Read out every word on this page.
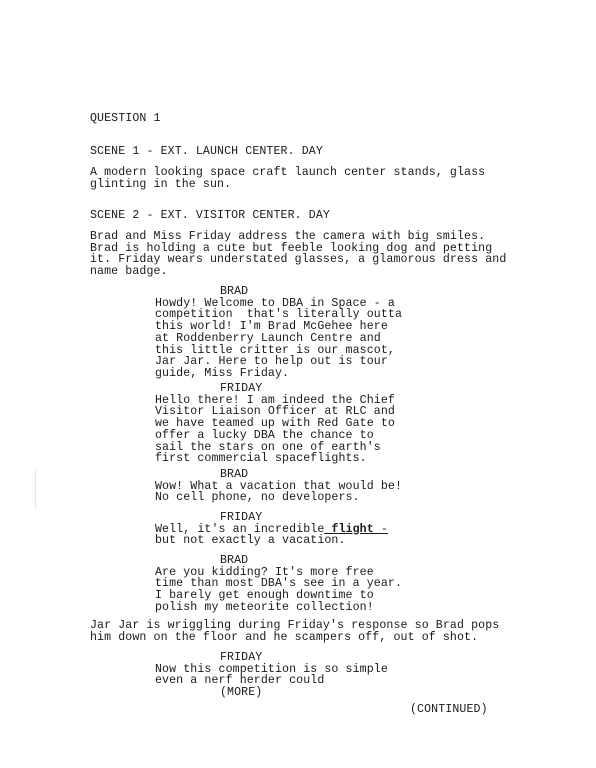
QUESTION 1
SCENE 1 - EXT. LAUNCH CENTER. DAY
A modern looking space craft launch center stands, glass
glinting in the sun.
SCENE 2 - EXT. VISITOR CENTER. DAY
Brad and Miss Friday address the camera with big smiles.
Brad is holding a cute but feeble looking dog and petting
it. Friday wears understated glasses, a glamorous dress and
name badge.
BRAD
Howdy! Welcome to DBA in Space - a
competition  that's literally outta
this world! I'm Brad McGehee here
at Roddenberry Launch Centre and
this little critter is our mascot,
Jar Jar. Here to help out is tour
guide, Miss Friday.
FRIDAY
Hello there! I am indeed the Chief
Visitor Liaison Officer at RLC and
we have teamed up with Red Gate to
offer a lucky DBA the chance to
sail the stars on one of earth's
first commercial spaceflights.
BRAD
Wow! What a vacation that would be!
No cell phone, no developers.
FRIDAY
Well, it's an incredible flight -
but not exactly a vacation.
BRAD
Are you kidding? It's more free
time than most DBA's see in a year.
I barely get enough downtime to
polish my meteorite collection!
Jar Jar is wriggling during Friday's response so Brad pops
him down on the floor and he scampers off, out of shot.
FRIDAY
Now this competition is so simple
even a nerf herder could
(MORE)
(CONTINUED)
